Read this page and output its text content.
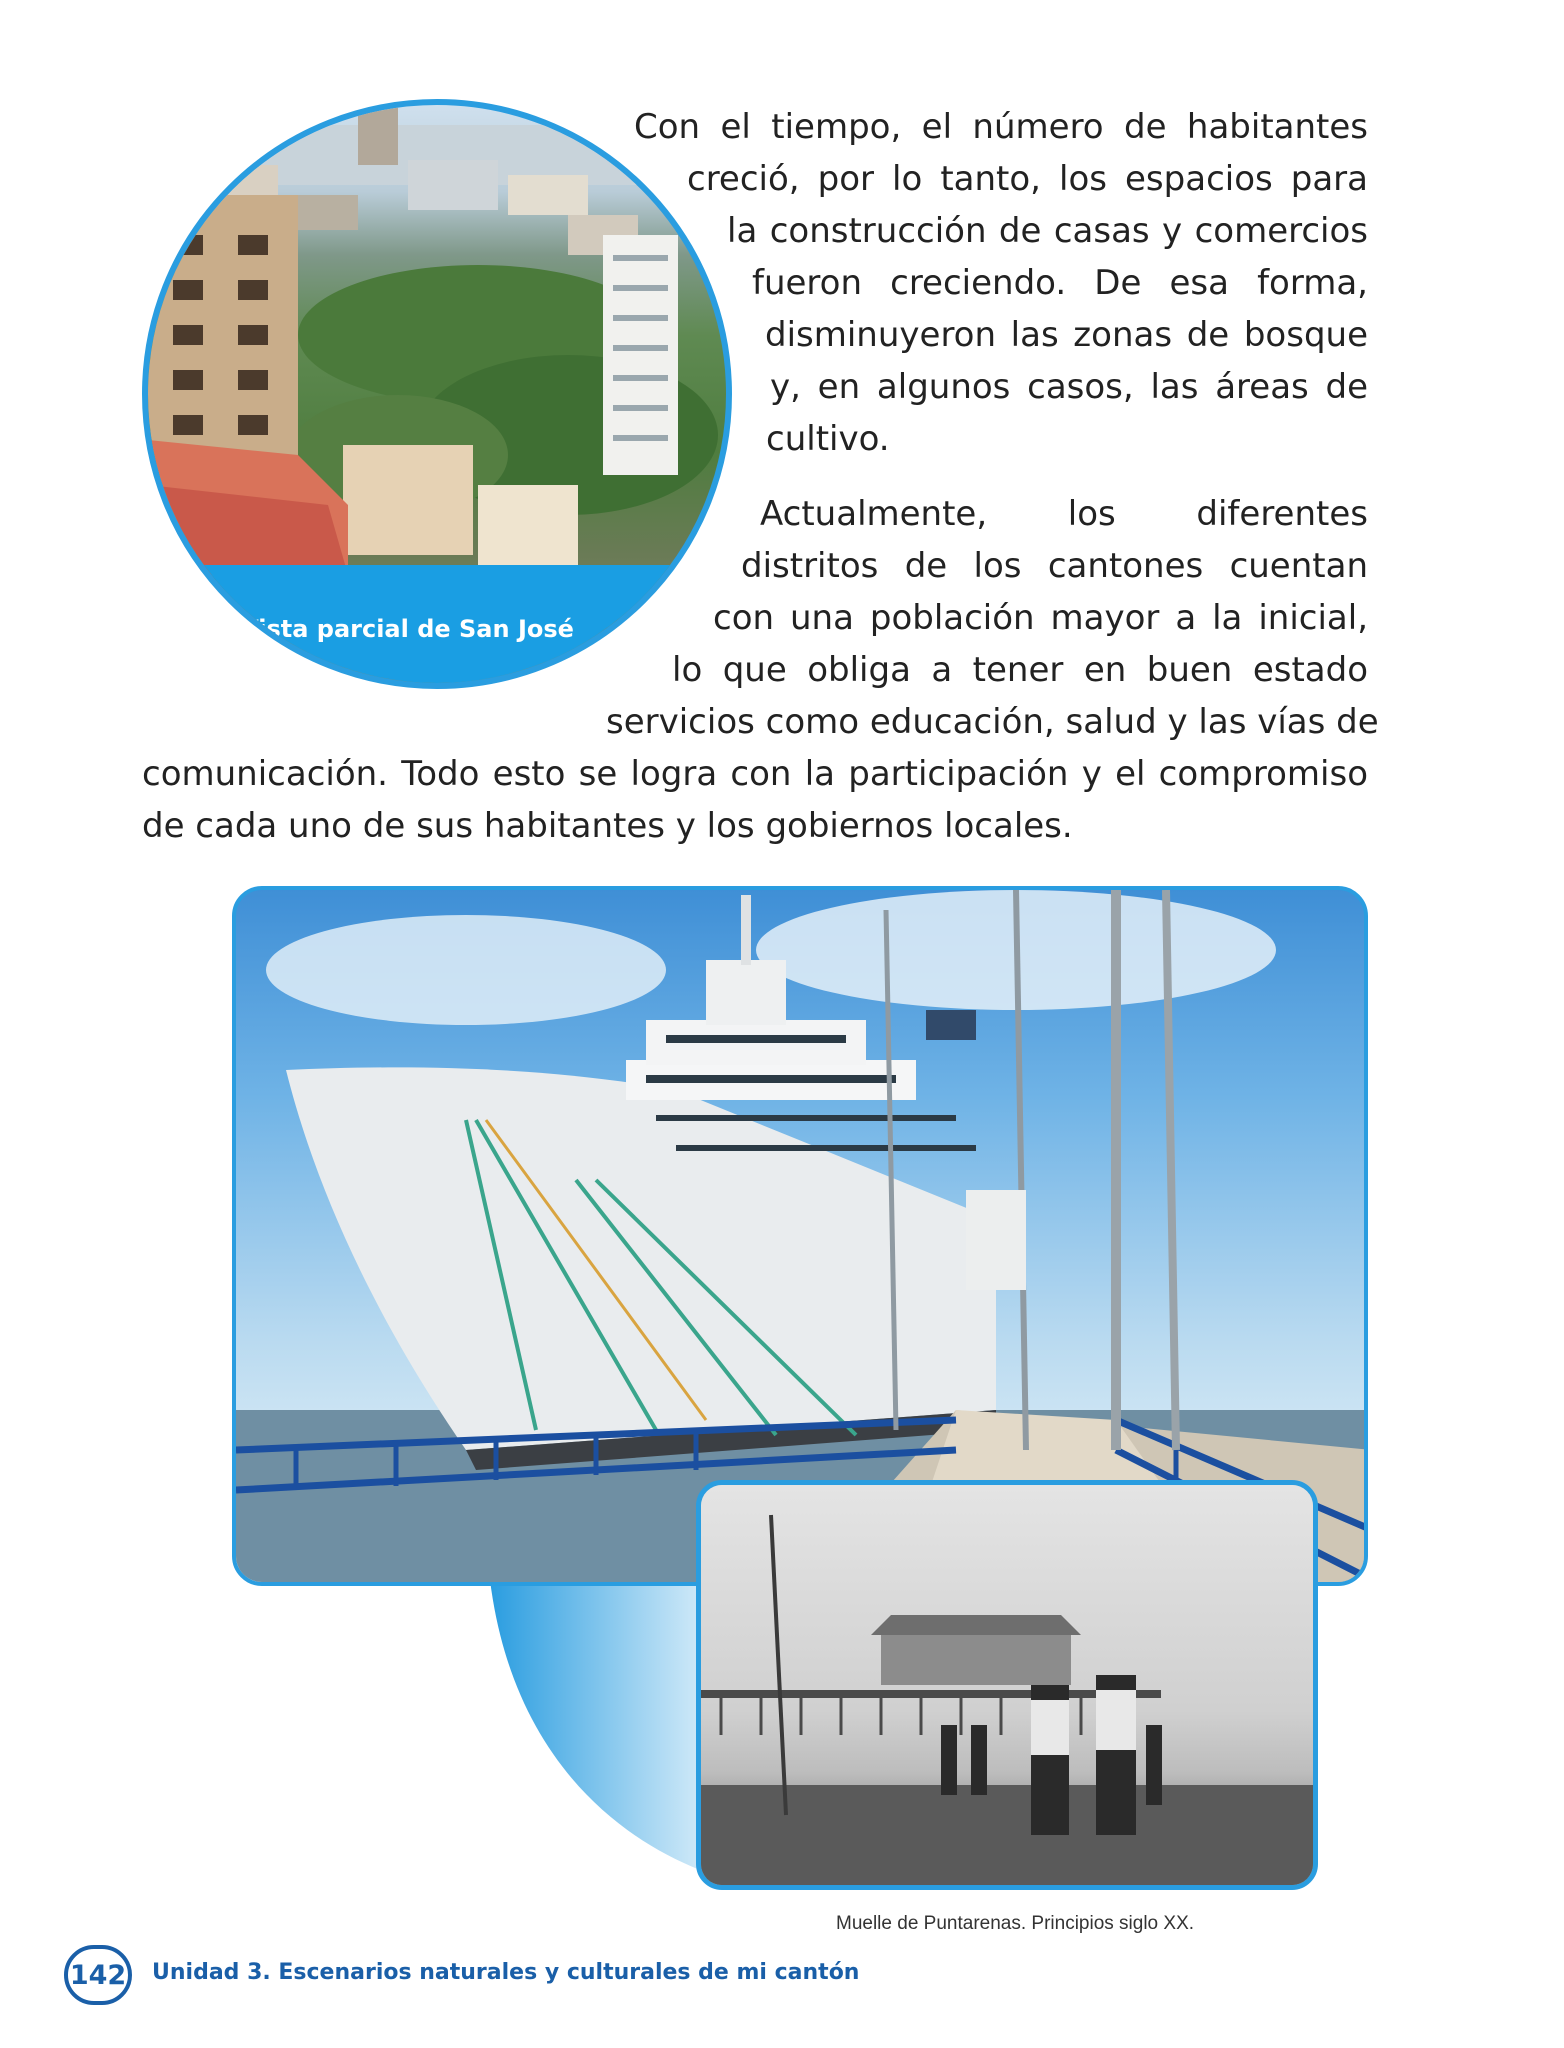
Vista parcial de San José
Con el tiempo, el número de habitantes
creció, por lo tanto, los espacios para
la construcción de casas y comercios
fueron creciendo. De esa forma,
disminuyeron las zonas de bosque
y, en algunos casos, las áreas de
cultivo.
Actualmente, los diferentes
distritos de los cantones cuentan
con una población mayor a la inicial,
lo que obliga a tener en buen estado
servicios como educación, salud y las vías de
comunicación. Todo esto se logra con la participación y el compromiso
de cada uno de sus habitantes y los gobiernos locales.
Muelle de Puntarenas. Principios siglo XX.
142 Unidad 3. Escenarios naturales y culturales de mi cantón
